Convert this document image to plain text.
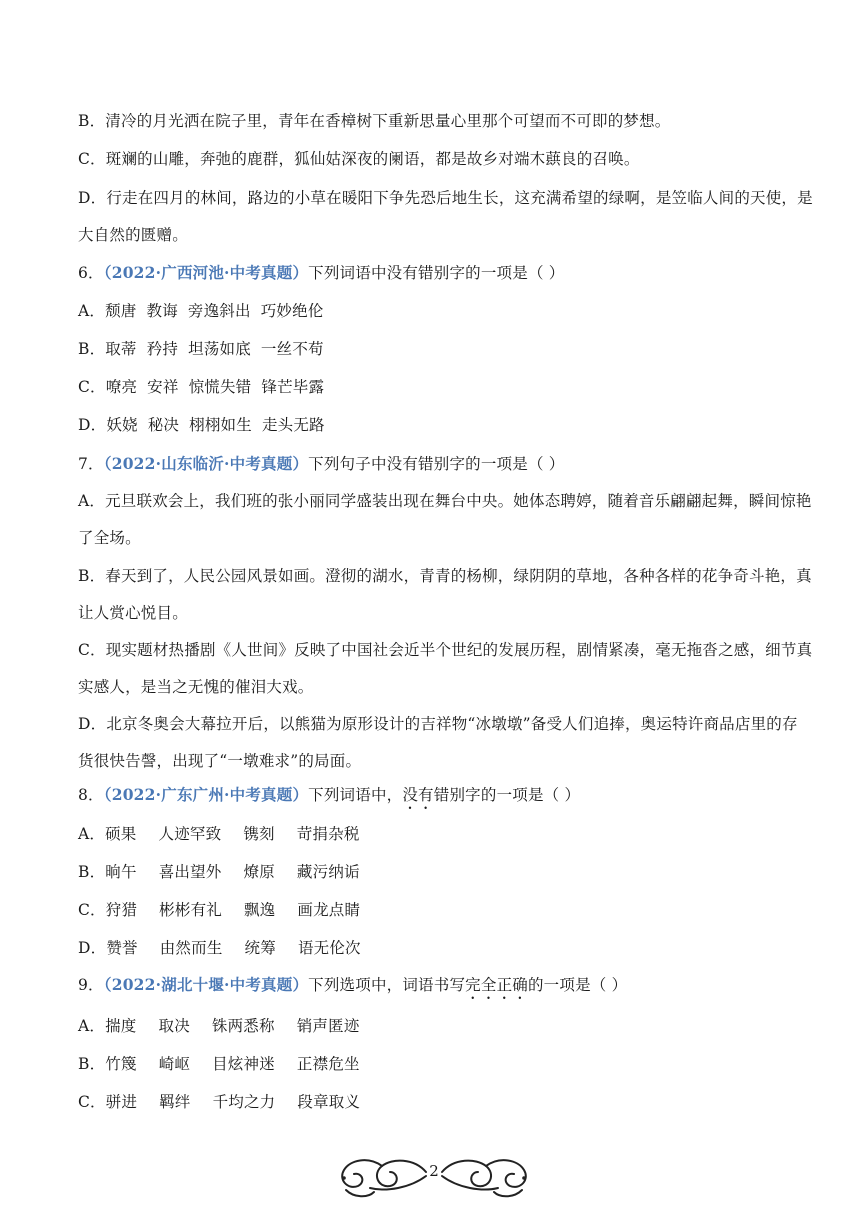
B．清冷的月光洒在院子里，青年在香樟树下重新思量心里那个可望而不可即的梦想。
C．斑斓的山雕，奔弛的鹿群，狐仙姑深夜的阑语，都是故乡对端木蕻良的召唤。
D．行走在四月的林间，路边的小草在暖阳下争先恐后地生长，这充满希望的绿啊，是笠临人间的天使，是
大自然的匮赠。
6．（2022·广西河池·中考真题）下列词语中没有错别字的一项是（ ）
A．颓唐 教诲 旁逸斜出 巧妙绝伦
B．取蒂 矜持 坦荡如底 一丝不苟
C．嘹亮 安祥 惊慌失错 锋芒毕露
D．妖娆 秘决 栩栩如生 走头无路
7．（2022·山东临沂·中考真题）下列句子中没有错别字的一项是（ ）
A．元旦联欢会上，我们班的张小丽同学盛装出现在舞台中央。她体态聘婷，随着音乐翩翩起舞，瞬间惊艳
了全场。
B．春天到了，人民公园风景如画。澄彻的湖水，青青的杨柳，绿阴阴的草地，各种各样的花争奇斗艳，真
让人赏心悦目。
C．现实题材热播剧《人世间》反映了中国社会近半个世纪的发展历程，剧情紧凑，毫无拖沓之感，细节真
实感人，是当之无愧的催泪大戏。
D．北京冬奥会大幕拉开后，以熊猫为原形设计的吉祥物“冰墩墩”备受人们追捧，奥运特许商品店里的存
货很快告謦，出现了“一墩难求”的局面。
8．（2022·广东广州·中考真题）下列词语中，没有错别字的一项是（ ）
A．硕果 人迹罕致 镌刻 苛捐杂税
B．晌午 喜出望外 燎原 藏污纳诟
C．狩猎 彬彬有礼 飘逸 画龙点睛
D．赞誉 由然而生 统筹 语无伦次
9．（2022·湖北十堰·中考真题）下列选项中，词语书写完全正确的一项是（ ）
A．揣度 取决 铢两悉称 销声匿迹
B．竹篾 崎岖 目炫神迷 正襟危坐
C．骈进 羁绊 千均之力 段章取义
2
